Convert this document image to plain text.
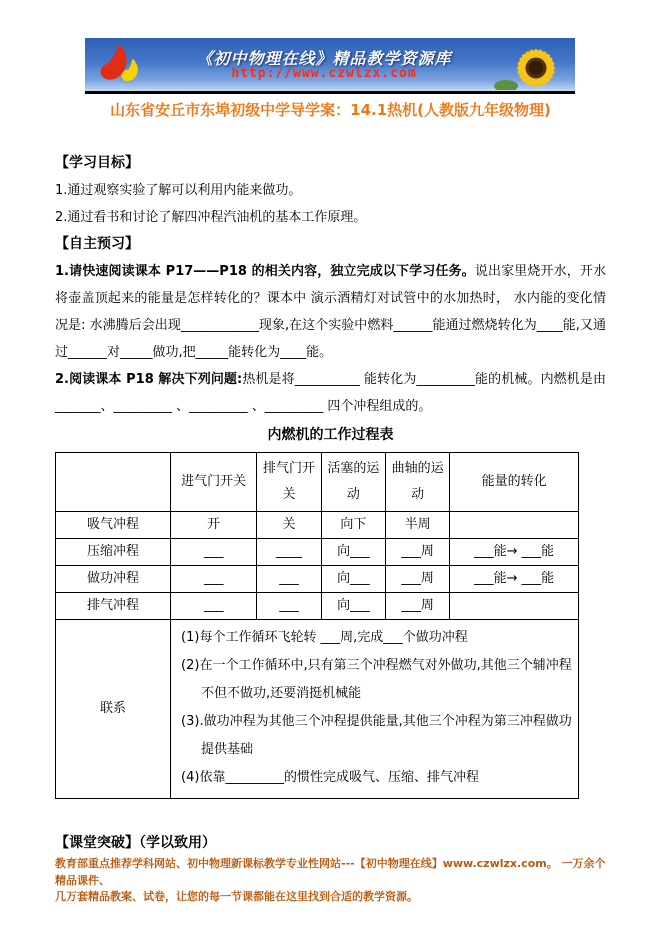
《初中物理在线》精品教学资源库
http://www.czwlzx.com
山东省安丘市东埠初级中学导学案：14.1热机(人教版九年级物理)

【学习目标】

1.通过观察实验了解可以利用内能来做功。

2.通过看书和讨论了解四冲程汽油机的基本工作原理。

【自主预习】

1.请快速阅读课本 P17——P18 的相关内容，独立完成以下学习任务。说出家里烧开水，开水将壶盖顶起来的能量是怎样转化的？课本中 演示酒精灯对试管中的水加热时， 水内能的变化情况是: 水沸腾后会出现____________现象,在这个实验中燃料______能通过燃烧转化为____能,又通过______对_____做功,把_____能转化为____能。

2.阅读课本 P18 解决下列问题:热机是将__________ 能转化为_________能的机械。内燃机是由_______、_________ 、_________ 、_________ 四个冲程组成的。

内燃机的工作过程表

	进气门开关	排气门开 关	活塞的运 动	曲轴的运动	能量的转化
吸气冲程	开	关	向下	半周	
压缩冲程	___	____	向___	___周	___能→ ___能
做功冲程	___	___	向___	___周	___能→ ___能
排气冲程	___	___	向___	___周	
联系	
(1)每个工作循环飞轮转 ___周,完成___个做功冲程
(2)在一个工作循环中,只有第三个冲程燃气对外做功,其他三个辅冲程
不但不做功,还要消挺机械能
(3).做功冲程为其他三个冲程提供能量,其他三个冲程为第三冲程做功
提供基础
(4)依靠_________的惯性完成吸气、压缩、排气冲程

【课堂突破】（学以致用）

教育部重点推荐学科网站、初中物理新课标教学专业性网站---【初中物理在线】www.czwlzx.com。 一万余个精品课件、
几万套精品教案、试卷，让您的每一节课都能在这里找到合适的教学资源。
